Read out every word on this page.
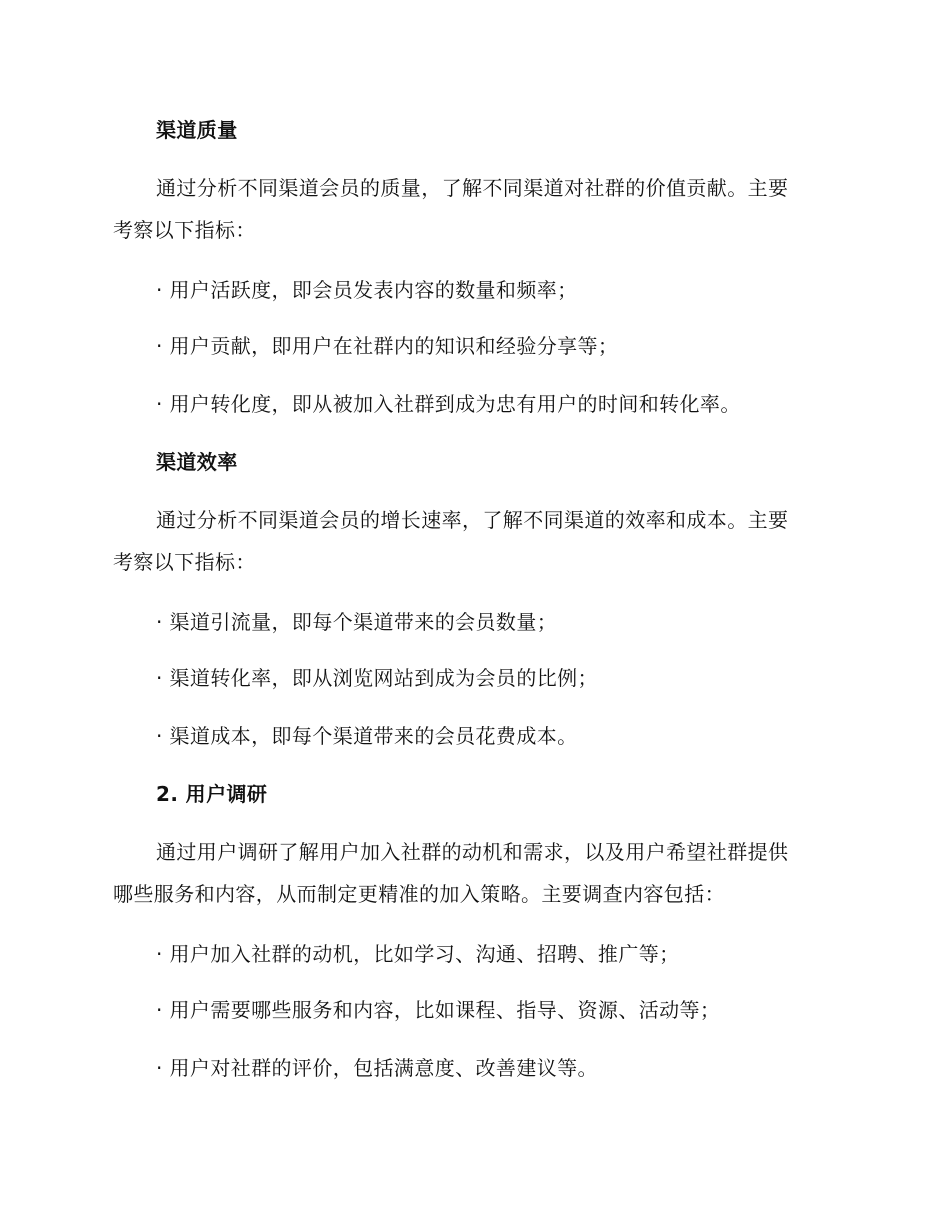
渠道质量
通过分析不同渠道会员的质量，了解不同渠道对社群的价值贡献。主要
考察以下指标：
· 用户活跃度，即会员发表内容的数量和频率；
· 用户贡献，即用户在社群内的知识和经验分享等；
· 用户转化度，即从被加入社群到成为忠有用户的时间和转化率。
渠道效率
通过分析不同渠道会员的增长速率，了解不同渠道的效率和成本。主要
考察以下指标：
· 渠道引流量，即每个渠道带来的会员数量；
· 渠道转化率，即从浏览网站到成为会员的比例；
· 渠道成本，即每个渠道带来的会员花费成本。
2. 用户调研
通过用户调研了解用户加入社群的动机和需求，以及用户希望社群提供
哪些服务和内容，从而制定更精准的加入策略。主要调查内容包括：
· 用户加入社群的动机，比如学习、沟通、招聘、推广等；
· 用户需要哪些服务和内容，比如课程、指导、资源、活动等；
· 用户对社群的评价，包括满意度、改善建议等。
